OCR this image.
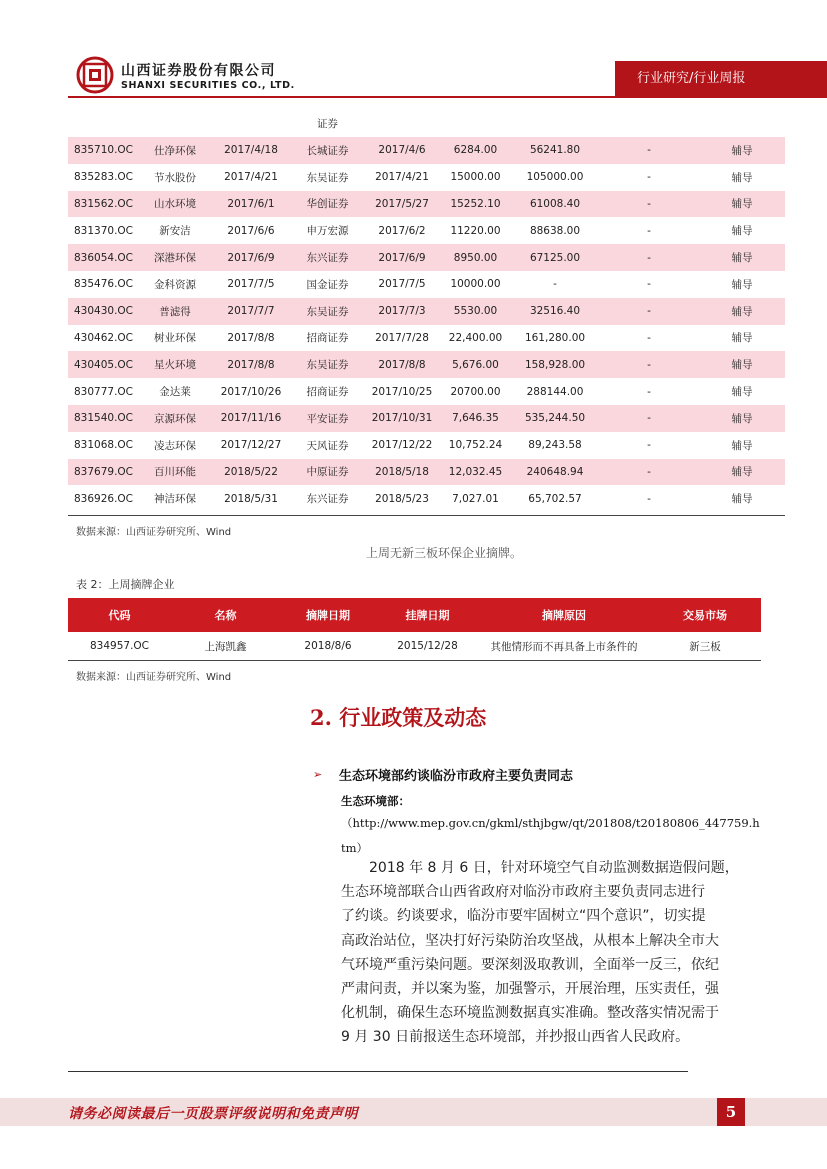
山西证券股份有限公司
SHANXI SECURITIES CO., LTD.	行业研究/行业周报
			证券					
835710.OC	仕净环保	2017/4/18	长城证券	2017/4/6	6284.00	56241.80	-	辅导
835283.OC	节水股份	2017/4/21	东吴证券	2017/4/21	15000.00	105000.00	-	辅导
831562.OC	山水环境	2017/6/1	华创证券	2017/5/27	15252.10	61008.40	-	辅导
831370.OC	新安洁	2017/6/6	申万宏源	2017/6/2	11220.00	88638.00	-	辅导
836054.OC	深港环保	2017/6/9	东兴证券	2017/6/9	8950.00	67125.00	-	辅导
835476.OC	金科资源	2017/7/5	国金证券	2017/7/5	10000.00	-	-	辅导
430430.OC	普滤得	2017/7/7	东吴证券	2017/7/3	5530.00	32516.40	-	辅导
430462.OC	树业环保	2017/8/8	招商证券	2017/7/28	22,400.00	161,280.00	-	辅导
430405.OC	星火环境	2017/8/8	东吴证券	2017/8/8	5,676.00	158,928.00	-	辅导
830777.OC	金达莱	2017/10/26	招商证券	2017/10/25	20700.00	288144.00	-	辅导
831540.OC	京源环保	2017/11/16	平安证券	2017/10/31	7,646.35	535,244.50	-	辅导
831068.OC	凌志环保	2017/12/27	天风证券	2017/12/22	10,752.24	89,243.58	-	辅导
837679.OC	百川环能	2018/5/22	中原证券	2018/5/18	12,032.45	240648.94	-	辅导
836926.OC	神洁环保	2018/5/31	东兴证券	2018/5/23	7,027.01	65,702.57	-	辅导
数据来源：山西证券研究所、Wind
上周无新三板环保企业摘牌。
表 2：上周摘牌企业
代码	名称	摘牌日期	挂牌日期	摘牌原因	交易市场
834957.OC	上海凯鑫	2018/8/6	2015/12/28	其他情形而不再具备上市条件的	新三板
数据来源：山西证券研究所、Wind
2. 行业政策及动态
➢ 生态环境部约谈临汾市政府主要负责同志
生态环境部：
（http://www.mep.gov.cn/gkml/sthjbgw/qt/201808/t20180806_447759.h
tm）
2018 年 8 月 6 日，针对环境空气自动监测数据造假问题，
生态环境部联合山西省政府对临汾市政府主要负责同志进行
了约谈。约谈要求，临汾市要牢固树立“四个意识”，切实提
高政治站位，坚决打好污染防治攻坚战，从根本上解决全市大
气环境严重污染问题。要深刻汲取教训，全面举一反三，依纪
严肃问责，并以案为鉴，加强警示，开展治理，压实责任，强
化机制，确保生态环境监测数据真实准确。整改落实情况需于
9 月 30 日前报送生态环境部，并抄报山西省人民政府。
请务必阅读最后一页股票评级说明和免责声明	5
